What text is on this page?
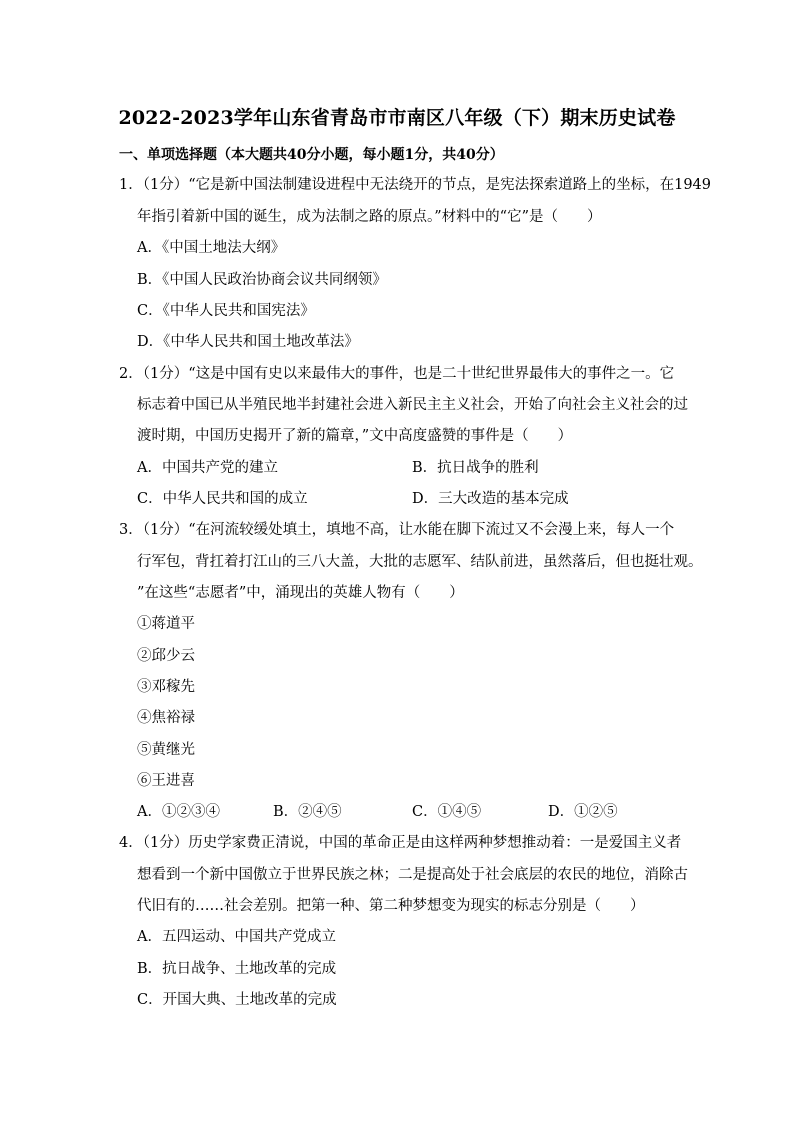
2022-2023学年山东省青岛市市南区八年级（下）期末历史试卷
一、单项选择题（本大题共40分小题，每小题1分，共40分）
1．（1分）“它是新中国法制建设进程中无法绕开的节点，是宪法探索道路上的坐标，在1949
年指引着新中国的诞生，成为法制之路的原点。”材料中的“它”是（　　）
A．《中国土地法大纲》
B．《中国人民政治协商会议共同纲领》
C．《中华人民共和国宪法》
D．《中华人民共和国土地改革法》
2．（1分）“这是中国有史以来最伟大的事件，也是二十世纪世界最伟大的事件之一。它
标志着中国已从半殖民地半封建社会进入新民主主义社会，开始了向社会主义社会的过
渡时期，中国历史揭开了新的篇章，”文中高度盛赞的事件是（　　）
A．中国共产党的建立	B．抗日战争的胜利
C．中华人民共和国的成立	D．三大改造的基本完成
3．（1分）“在河流较缓处填土，填地不高，让水能在脚下流过又不会漫上来，每人一个
行军包，背扛着打江山的三八大盖，大批的志愿军、结队前进，虽然落后，但也挺壮观。
”在这些“志愿者”中，涌现出的英雄人物有（　　）
①蒋道平
②邱少云
③邓稼先
④焦裕禄
⑤黄继光
⑥王进喜
A．①②③④	B．②④⑤	C．①④⑤	D．①②⑤
4．（1分）历史学家费正清说，中国的革命正是由这样两种梦想推动着：一是爱国主义者
想看到一个新中国傲立于世界民族之林；二是提高处于社会底层的农民的地位，消除古
代旧有的……社会差别。把第一种、第二种梦想变为现实的标志分别是（　　）
A．五四运动、中国共产党成立
B．抗日战争、土地改革的完成
C．开国大典、土地改革的完成
